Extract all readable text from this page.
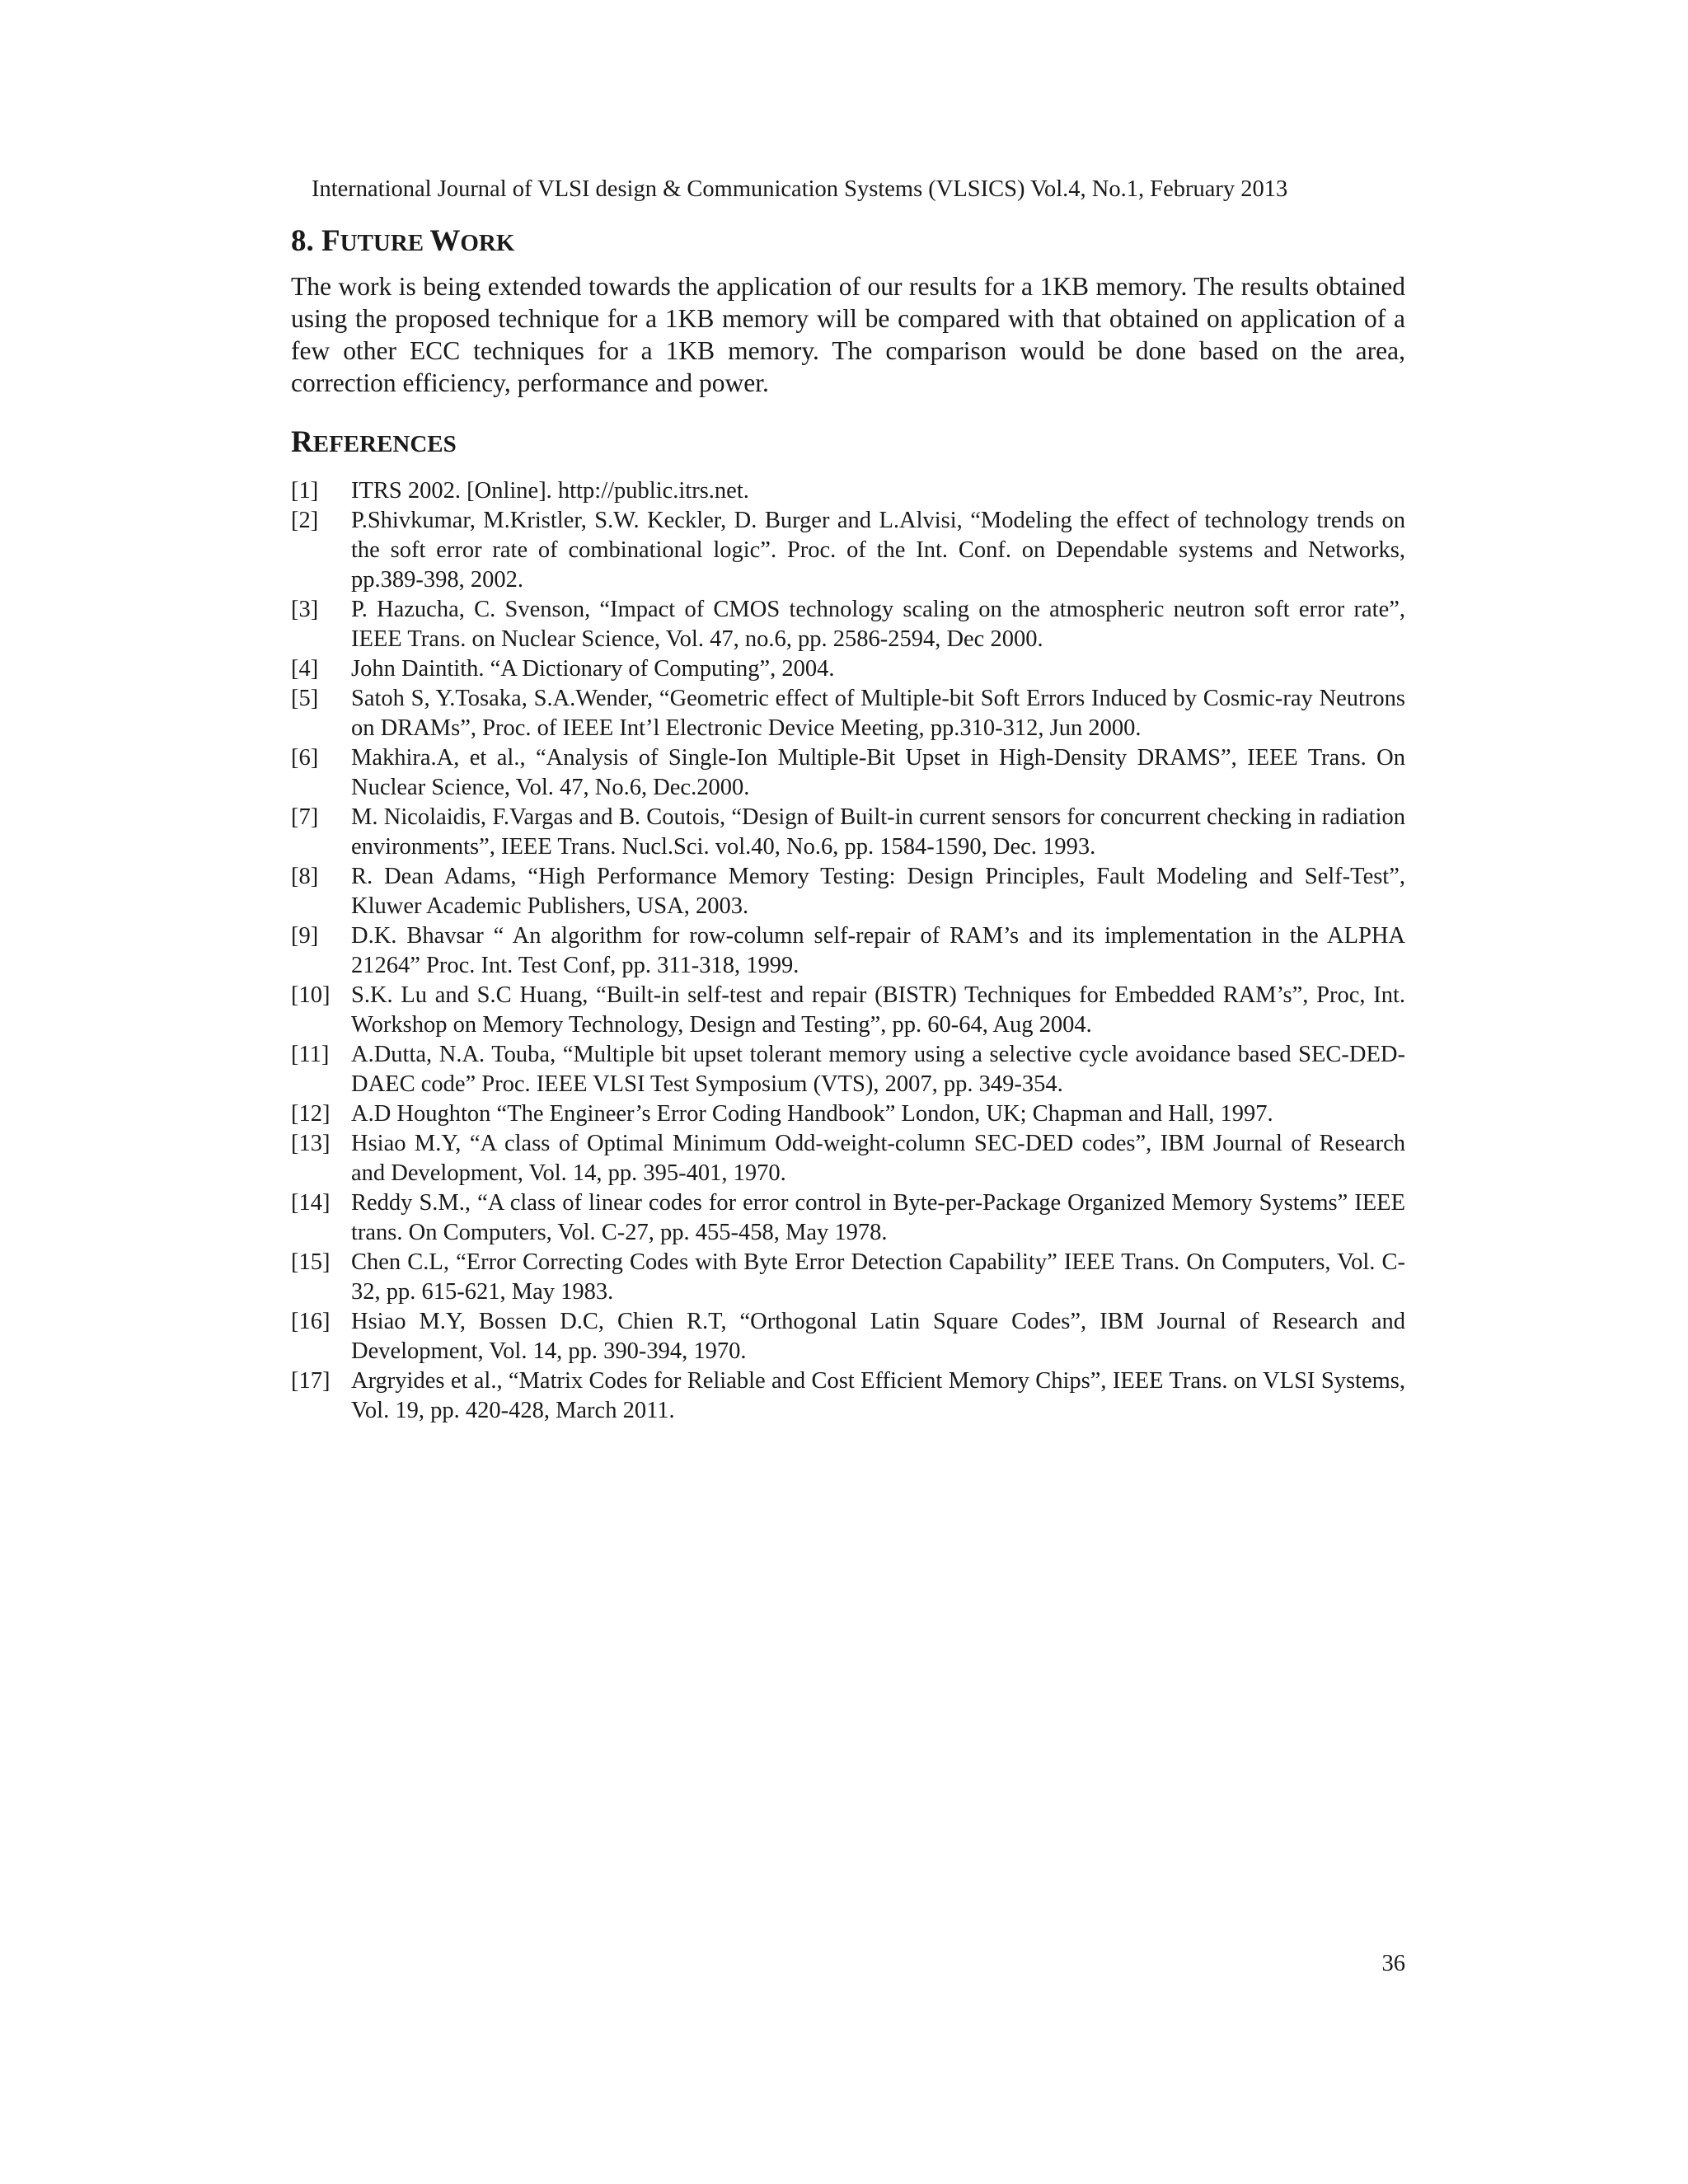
International Journal of VLSI design & Communication Systems (VLSICS) Vol.4, No.1, February 2013
8. FUTURE WORK

The work is being extended towards the application of our results for a 1KB memory. The results obtained using the proposed technique for a 1KB memory will be compared with that obtained on application of a few other ECC techniques for a 1KB memory. The comparison would be done based on the area, correction efficiency, performance and power.

REFERENCES
[1]	ITRS 2002. [Online]. http://public.itrs.net.
[2]	P.Shivkumar, M.Kristler, S.W. Keckler, D. Burger and L.Alvisi, “Modeling the effect of technology trends on the soft error rate of combinational logic”. Proc. of the Int. Conf. on Dependable systems and Networks, pp.389-398, 2002.
[3]	P. Hazucha, C. Svenson, “Impact of CMOS technology scaling on the atmospheric neutron soft error rate”, IEEE Trans. on Nuclear Science, Vol. 47, no.6, pp. 2586-2594, Dec 2000.
[4]	John Daintith. “A Dictionary of Computing”, 2004.
[5]	Satoh S, Y.Tosaka, S.A.Wender, “Geometric effect of Multiple-bit Soft Errors Induced by Cosmic-ray Neutrons on DRAMs”, Proc. of IEEE Int’l Electronic Device Meeting, pp.310-312, Jun 2000.
[6]	Makhira.A, et al., “Analysis of Single-Ion Multiple-Bit Upset in High-Density DRAMS”, IEEE Trans. On Nuclear Science, Vol. 47, No.6, Dec.2000.
[7]	M. Nicolaidis, F.Vargas and B. Coutois, “Design of Built-in current sensors for concurrent checking in radiation environments”, IEEE Trans. Nucl.Sci. vol.40, No.6, pp. 1584-1590, Dec. 1993.
[8]	R. Dean Adams, “High Performance Memory Testing: Design Principles, Fault Modeling and Self-Test”, Kluwer Academic Publishers, USA, 2003.
[9]	D.K. Bhavsar “ An algorithm for row-column self-repair of RAM’s and its implementation in the ALPHA 21264” Proc. Int. Test Conf, pp. 311-318, 1999.
[10] S.K. Lu and S.C Huang, “Built-in self-test and repair (BISTR) Techniques for Embedded RAM’s”, Proc, Int. Workshop on Memory Technology, Design and Testing”, pp. 60-64, Aug 2004.
[11] A.Dutta, N.A. Touba, “Multiple bit upset tolerant memory using a selective cycle avoidance based SEC-DED-DAEC code” Proc. IEEE VLSI Test Symposium (VTS), 2007, pp. 349-354.
[12] A.D Houghton “The Engineer’s Error Coding Handbook” London, UK; Chapman and Hall, 1997.
[13] Hsiao M.Y, “A class of Optimal Minimum Odd-weight-column SEC-DED codes”, IBM Journal of Research and Development, Vol. 14, pp. 395-401, 1970.
[14] Reddy S.M., “A class of linear codes for error control in Byte-per-Package Organized Memory Systems” IEEE trans. On Computers, Vol. C-27, pp. 455-458, May 1978.
[15] Chen C.L, “Error Correcting Codes with Byte Error Detection Capability” IEEE Trans. On Computers, Vol. C-32, pp. 615-621, May 1983.
[16] Hsiao M.Y, Bossen D.C, Chien R.T, “Orthogonal Latin Square Codes”, IBM Journal of Research and Development, Vol. 14, pp. 390-394, 1970.
[17] Argryides et al., “Matrix Codes for Reliable and Cost Efficient Memory Chips”, IEEE Trans. on VLSI Systems, Vol. 19, pp. 420-428, March 2011.
36
